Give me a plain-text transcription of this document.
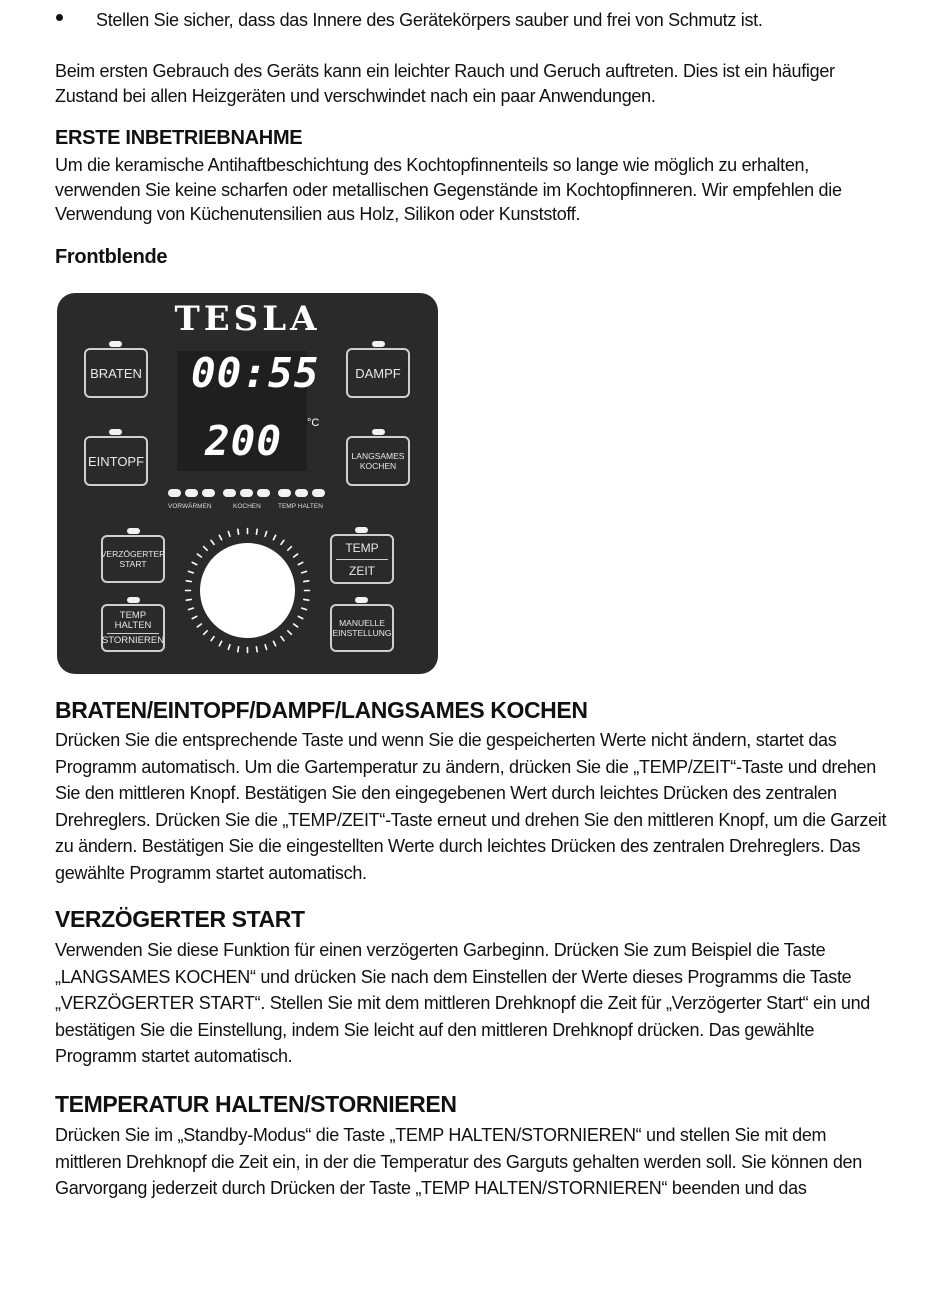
Stellen Sie sicher, dass das Innere des Gerätekörpers sauber und frei von Schmutz ist.

Beim ersten Gebrauch des Geräts kann ein leichter Rauch und Geruch auftreten. Dies ist ein häufiger Zustand bei allen Heizgeräten und verschwindet nach ein paar Anwendungen.

ERSTE INBETRIEBNAHME

Um die keramische Antihaftbeschichtung des Kochtopfinnenteils so lange wie möglich zu erhalten, verwenden Sie keine scharfen oder metallischen Gegenstände im Kochtopfinneren. Wir empfehlen die Verwendung von Küchenutensilien aus Holz, Silikon oder Kunststoff.

Frontblende
TESLA
00:55
200 °C
BRATEN
EINTOPF
DAMPF
LANGSAMES
KOCHEN
VORWÄRMEN	KOCHEN	TEMP HALTEN
VERZÖGERTER
START
TEMP
HALTEN
STORNIEREN
TEMP
ZEIT
MANUELLE
EINSTELLUNG
BRATEN/EINTOPF/DAMPF/LANGSAMES KOCHEN

Drücken Sie die entsprechende Taste und wenn Sie die gespeicherten Werte nicht ändern, startet das Programm automatisch. Um die Gartemperatur zu ändern, drücken Sie die „TEMP/ZEIT“-Taste und drehen Sie den mittleren Knopf. Bestätigen Sie den eingegebenen Wert durch leichtes Drücken des zentralen Drehreglers. Drücken Sie die „TEMP/ZEIT“-Taste erneut und drehen Sie den mittleren Knopf, um die Garzeit zu ändern. Bestätigen Sie die eingestellten Werte durch leichtes Drücken des zentralen Drehreglers. Das gewählte Programm startet automatisch.

VERZÖGERTER START

Verwenden Sie diese Funktion für einen verzögerten Garbeginn. Drücken Sie zum Beispiel die Taste „LANGSAMES KOCHEN“ und drücken Sie nach dem Einstellen der Werte dieses Programms die Taste „VERZÖGERTER START“. Stellen Sie mit dem mittleren Drehknopf die Zeit für „Verzögerter Start“ ein und bestätigen Sie die Einstellung, indem Sie leicht auf den mittleren Drehknopf drücken. Das gewählte Programm startet automatisch.

TEMPERATUR HALTEN/STORNIEREN

Drücken Sie im „Standby-Modus“ die Taste „TEMP HALTEN/STORNIEREN“ und stellen Sie mit dem mittleren Drehknopf die Zeit ein, in der die Temperatur des Garguts gehalten werden soll. Sie können den Garvorgang jederzeit durch Drücken der Taste „TEMP HALTEN/STORNIEREN“ beenden und das
